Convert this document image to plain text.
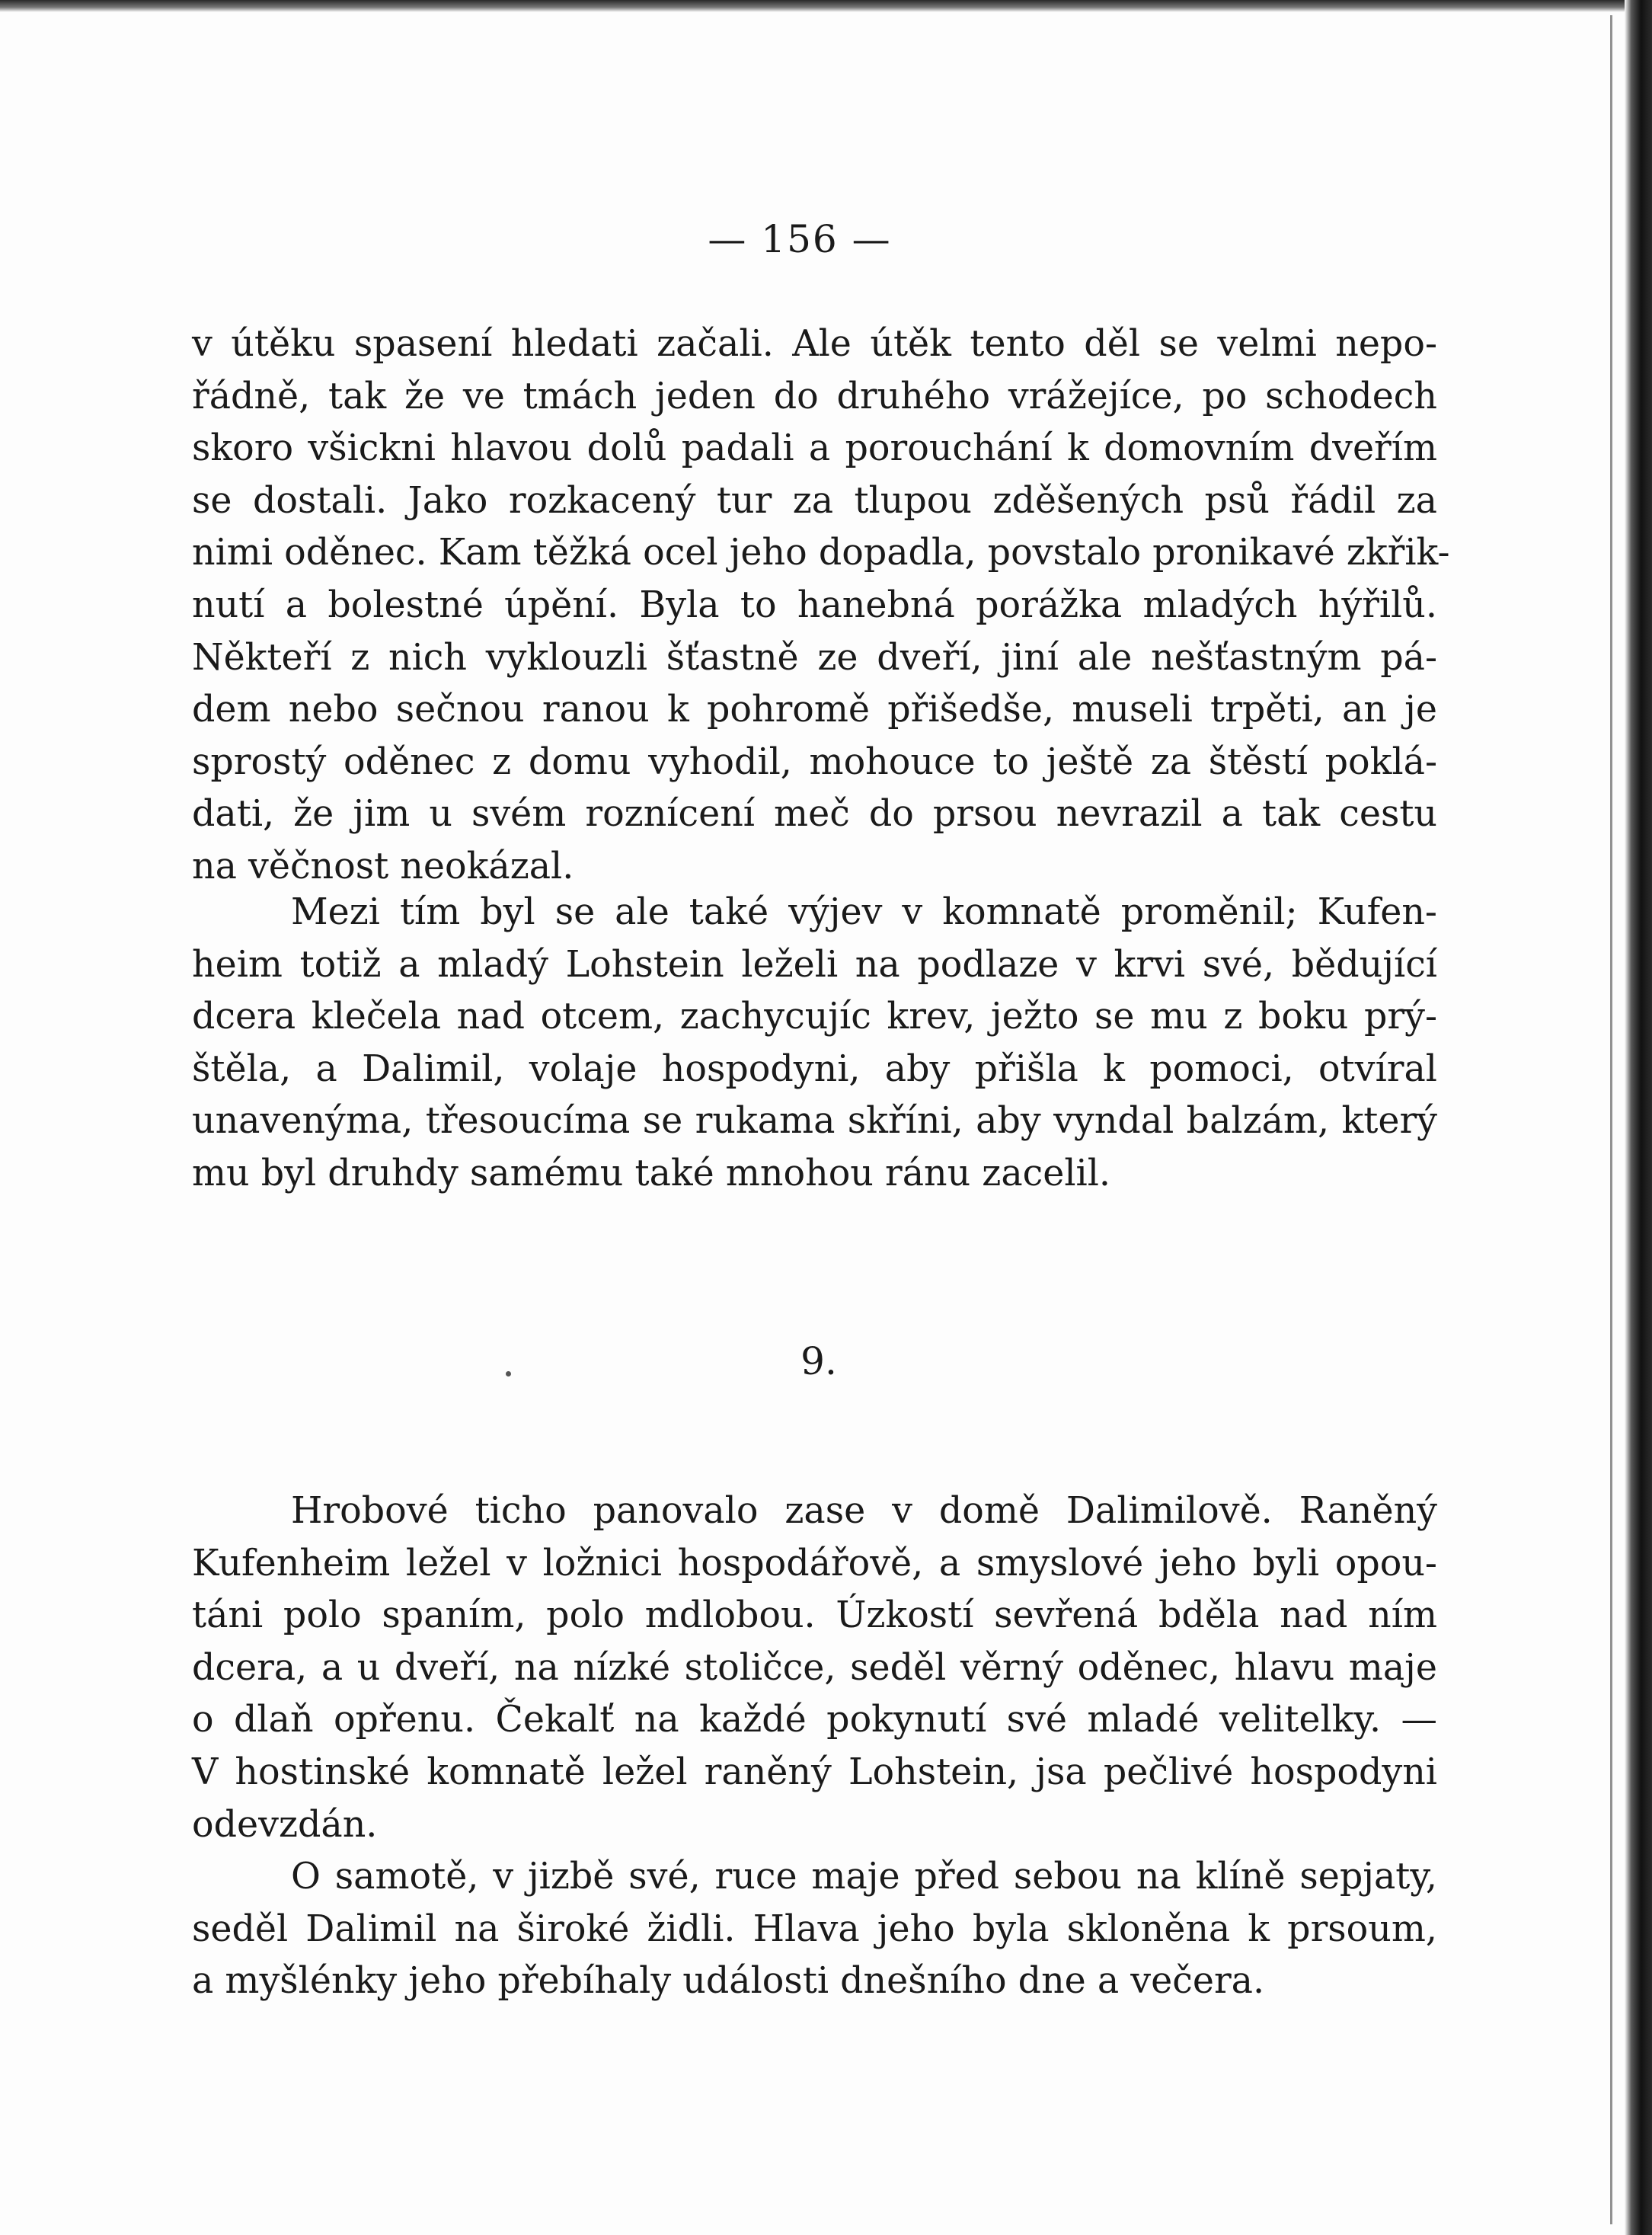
— 156 —
v útěku spasení hledati začali. Ale útěk tento děl se velmi nepo-
řádně, tak že ve tmách jeden do druhého vrážejíce, po schodech
skoro všickni hlavou dolů padali a porouchání k domovním dveřím
se dostali. Jako rozkacený tur za tlupou zděšených psů řádil za
nimi oděnec. Kam těžká ocel jeho dopadla, povstalo pronikavé zkřik-
nutí a bolestné úpění. Byla to hanebná porážka mladých hýřilů.
Někteří z nich vyklouzli šťastně ze dveří, jiní ale nešťastným pá-
dem nebo sečnou ranou k pohromě přišedše, museli trpěti, an je
sprostý oděnec z domu vyhodil, mohouce to ještě za štěstí poklá-
dati, že jim u svém roznícení meč do prsou nevrazil a tak cestu
na věčnost neokázal.
Mezi tím byl se ale také výjev v komnatě proměnil; Kufen-
heim totiž a mladý Lohstein leželi na podlaze v krvi své, bědující
dcera klečela nad otcem, zachycujíc krev, ježto se mu z boku prý-
štěla, a Dalimil, volaje hospodyni, aby přišla k pomoci, otvíral
unavenýma, třesoucíma se rukama skříni, aby vyndal balzám, který
mu byl druhdy samému také mnohou ránu zacelil.
9.
Hrobové ticho panovalo zase v domě Dalimilově. Raněný
Kufenheim ležel v ložnici hospodářově, a smyslové jeho byli opou-
táni polo spaním, polo mdlobou. Úzkostí sevřená bděla nad ním
dcera, a u dveří, na nízké stoličce, seděl věrný oděnec, hlavu maje
o dlaň opřenu. Čekalť na každé pokynutí své mladé velitelky. —
V hostinské komnatě ležel raněný Lohstein, jsa pečlivé hospodyni
odevzdán.
O samotě, v jizbě své, ruce maje před sebou na klíně sepjaty,
seděl Dalimil na široké židli. Hlava jeho byla skloněna k prsoum,
a myšlénky jeho přebíhaly události dnešního dne a večera.
